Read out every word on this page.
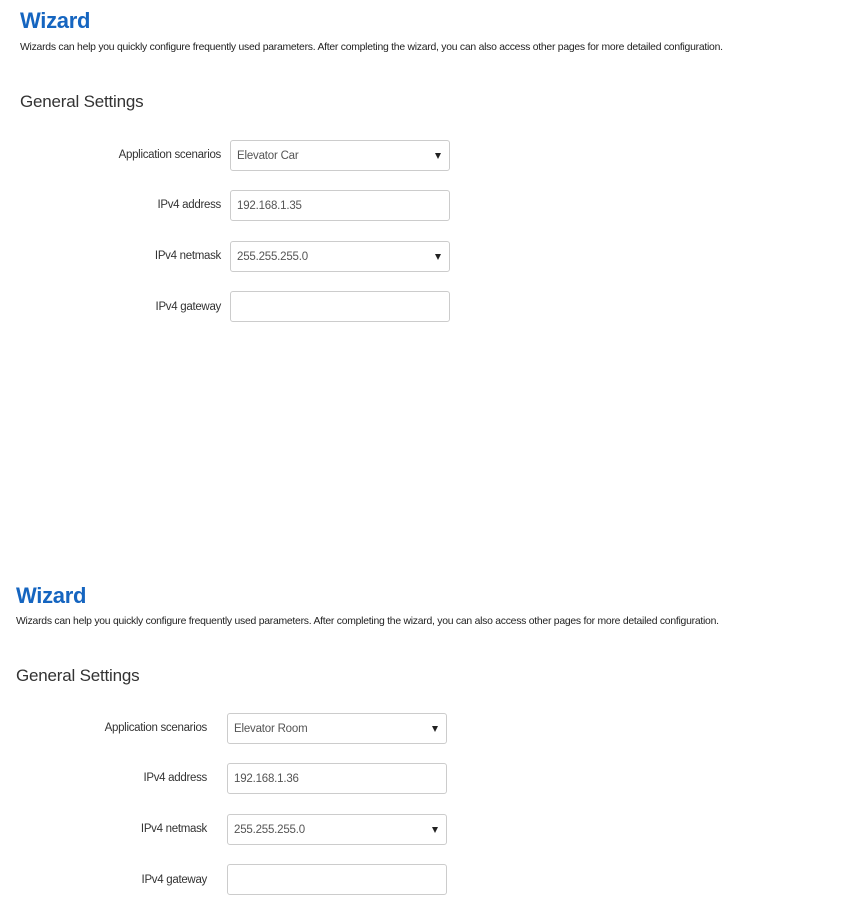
Wizard

Wizards can help you quickly configure frequently used parameters. After completing the wizard, you can also access other pages for more detailed configuration.

General Settings
Application scenarios Elevator Car
IPv4 address 192.168.1.35
IPv4 netmask 255.255.255.0
IPv4 gateway
Wizard

Wizards can help you quickly configure frequently used parameters. After completing the wizard, you can also access other pages for more detailed configuration.

General Settings
Application scenarios Elevator Room
IPv4 address 192.168.1.36
IPv4 netmask 255.255.255.0
IPv4 gateway
